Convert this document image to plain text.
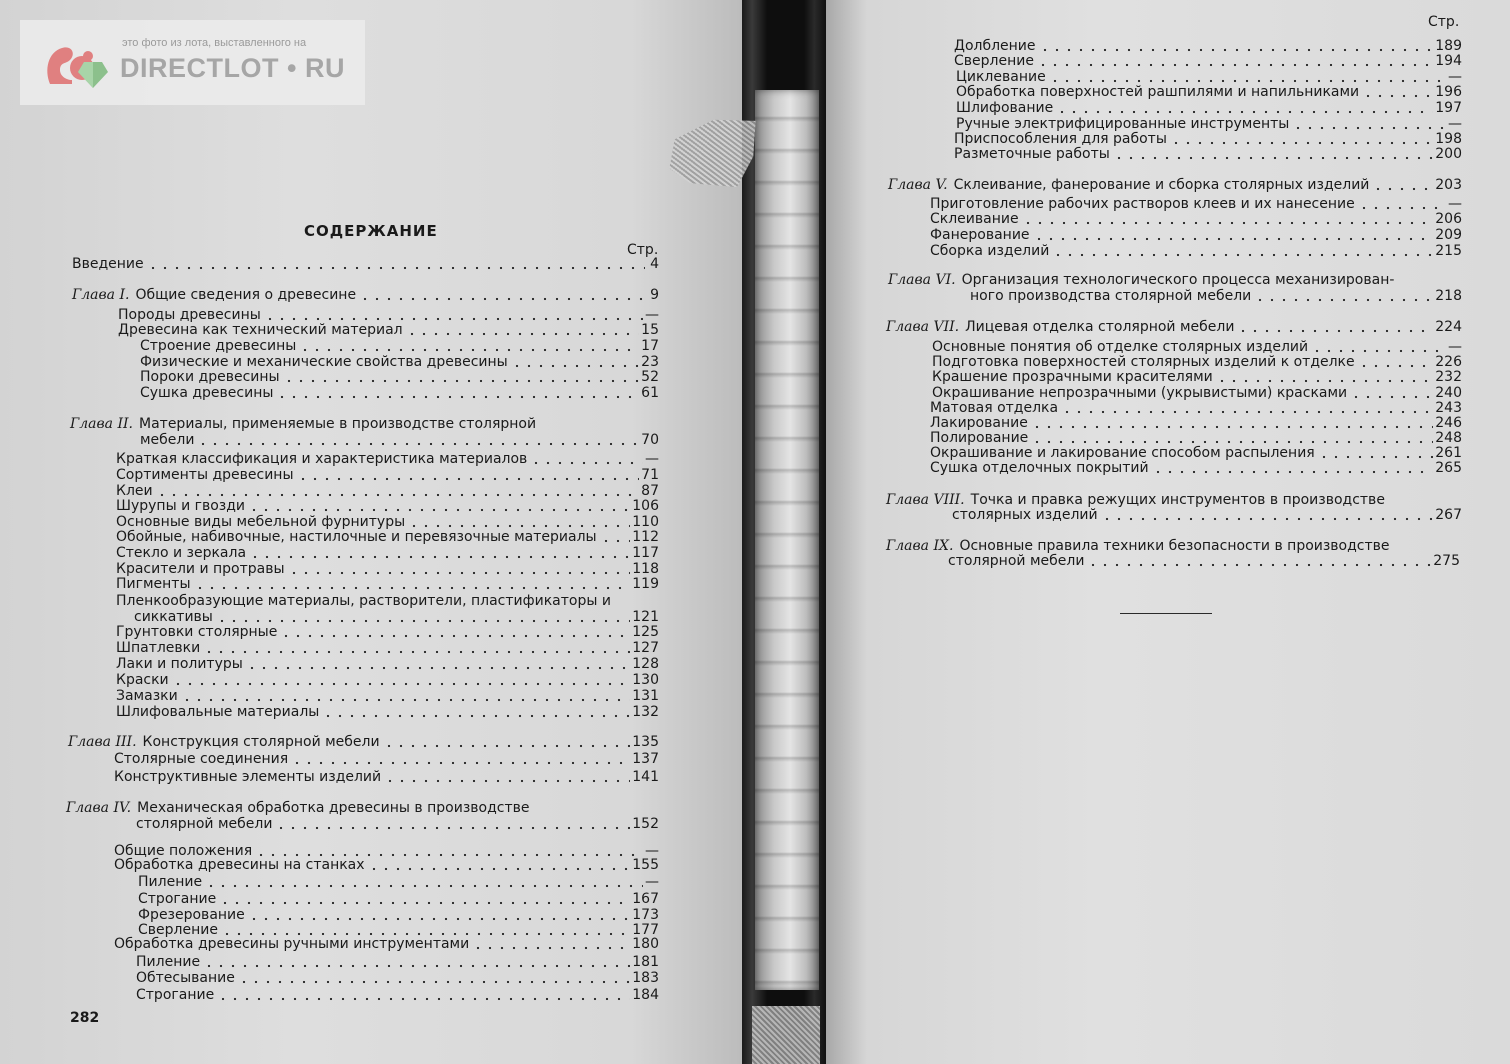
это фото из лота, выставленного на
DIRECTLOT • RU
СОДЕРЖАНИЕ
Стр.
282
Стр.
Введение	4
Глава I. Общие сведения о древесине	9
Породы древесины	—
Древесина как технический материал	15
Строение древесины	17
Физические и механические свойства древесины	23
Пороки древесины	52
Сушка древесины	61
Глава II. Материалы, применяемые в производстве столярной
мебели	70
Краткая классификация и характеристика материалов	—
Сортименты древесины	71
Клеи	87
Шурупы и гвозди	106
Основные виды мебельной фурнитуры	110
Обойные, набивочные, настилочные и перевязочные материалы	112
Стекло и зеркала	117
Красители и протравы	118
Пигменты	119
Пленкообразующие материалы, растворители, пластификаторы и
сиккативы	121
Грунтовки столярные	125
Шпатлевки	127
Лаки и политуры	128
Краски	130
Замазки	131
Шлифовальные материалы	132
Глава III. Конструкция столярной мебели	135
Столярные соединения	137
Конструктивные элементы изделий	141
Глава IV. Механическая обработка древесины в производстве
столярной мебели	152
Общие положения	—
Обработка древесины на станках	155
Пиление	—
Строгание	167
Фрезерование	173
Сверление	177
Обработка древесины ручными инструментами	180
Пиление	181
Обтесывание	183
Строгание	184
Долбление	189
Сверление	194
Циклевание	—
Обработка поверхностей рашпилями и напильниками	196
Шлифование	197
Ручные электрифицированные инструменты	—
Приспособления для работы	198
Разметочные работы	200
Глава V. Склеивание, фанерование и сборка столярных изделий	203
Приготовление рабочих растворов клеев и их нанесение	—
Склеивание	206
Фанерование	209
Сборка изделий	215
Глава VI. Организация технологического процесса механизирован-
ного производства столярной мебели	218
Глава VII. Лицевая отделка столярной мебели	224
Основные понятия об отделке столярных изделий	—
Подготовка поверхностей столярных изделий к отделке	226
Крашение прозрачными красителями	232
Окрашивание непрозрачными (укрывистыми) красками	240
Матовая отделка	243
Лакирование	246
Полирование	248
Окрашивание и лакирование способом распыления	261
Сушка отделочных покрытий	265
Глава VIII. Точка и правка режущих инструментов в производстве
столярных изделий	267
Глава IX. Основные правила техники безопасности в производстве
столярной мебели	275
